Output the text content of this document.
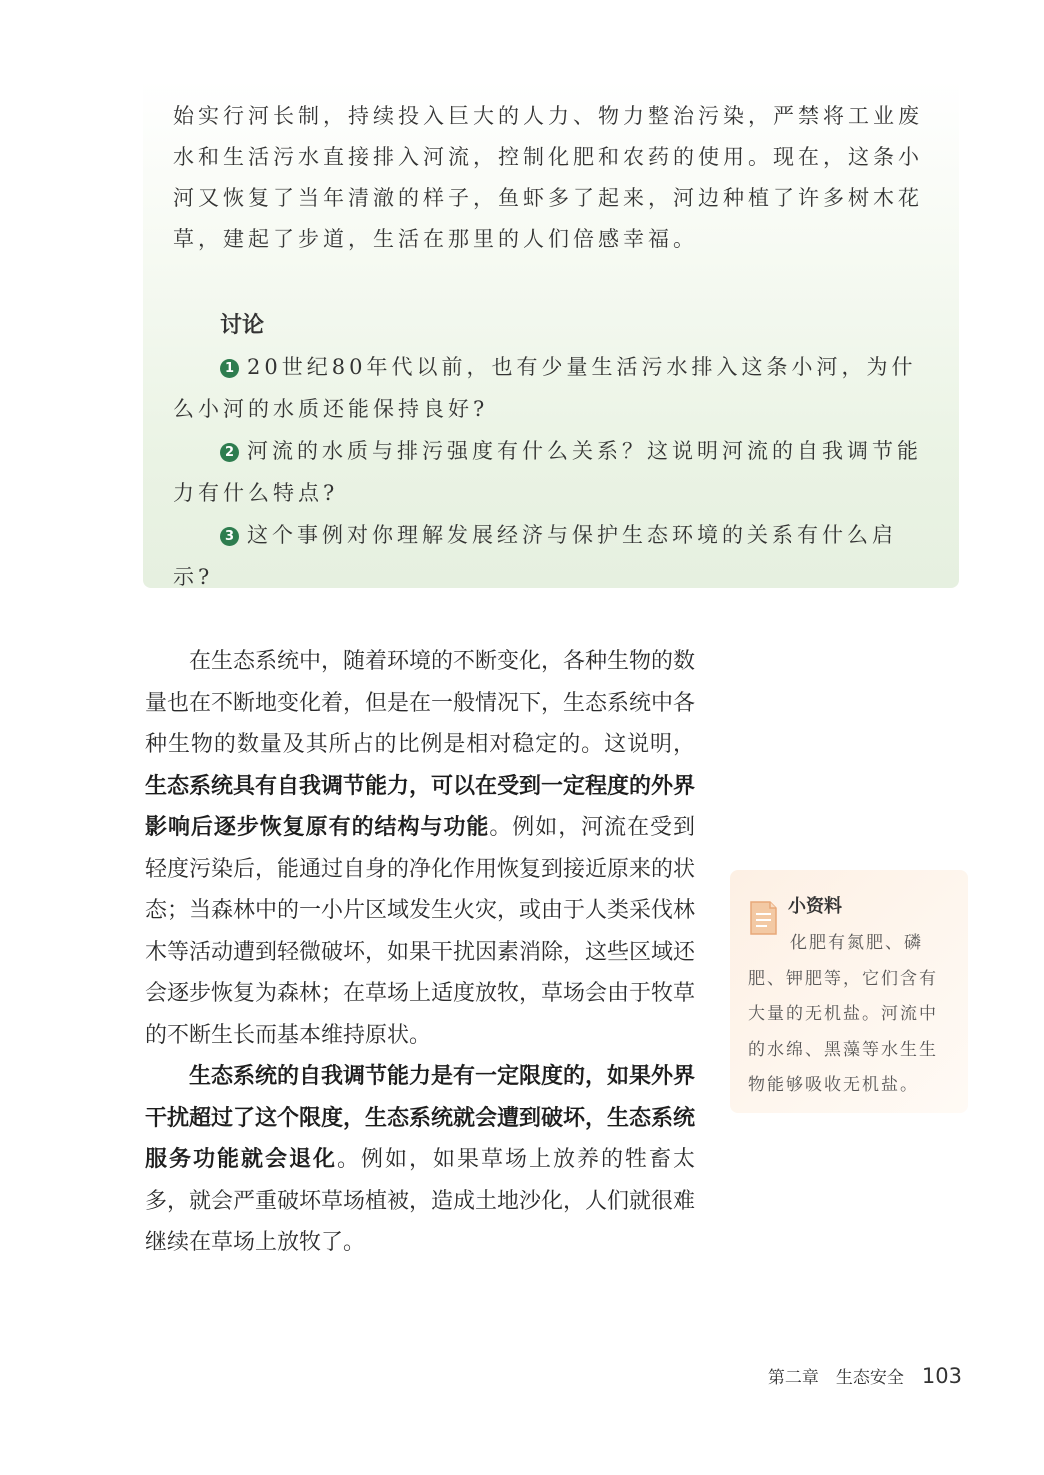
始实行河长制，持续投入巨大的人力、物力整治污染，严禁将工业废水和生活污水直接排入河流，控制化肥和农药的使用。现在，这条小河又恢复了当年清澈的样子，鱼虾多了起来，河边种植了许多树木花草，建起了步道，生活在那里的人们倍感幸福。

讨论

1 20世纪80年代以前，也有少量生活污水排入这条小河，为什么小河的水质还能保持良好?

2 河流的水质与排污强度有什么关系？这说明河流的自我调节能力有什么特点?

3 这个事例对你理解发展经济与保护生态环境的关系有什么启示?

在生态系统中，随着环境的不断变化，各种生物的数量也在不断地变化着，但是在一般情况下，生态系统中各种生物的数量及其所占的比例是相对稳定的。这说明，生态系统具有自我调节能力，可以在受到一定程度的外界影响后逐步恢复原有的结构与功能。例如，河流在受到轻度污染后，能通过自身的净化作用恢复到接近原来的状态；当森林中的一小片区域发生火灾，或由于人类采伐林木等活动遭到轻微破坏，如果干扰因素消除，这些区域还会逐步恢复为森林；在草场上适度放牧，草场会由于牧草的不断生长而基本维持原状。

生态系统的自我调节能力是有一定限度的，如果外界干扰超过了这个限度，生态系统就会遭到破坏，生态系统服务功能就会退化。例如，如果草场上放养的牲畜太多，就会严重破坏草场植被，造成土地沙化，人们就很难继续在草场上放牧了。

小资料

化肥有氮肥、磷肥、钾肥等，它们含有大量的无机盐。河流中的水绵、黑藻等水生生物能够吸收无机盐。

第二章　生态安全 103
